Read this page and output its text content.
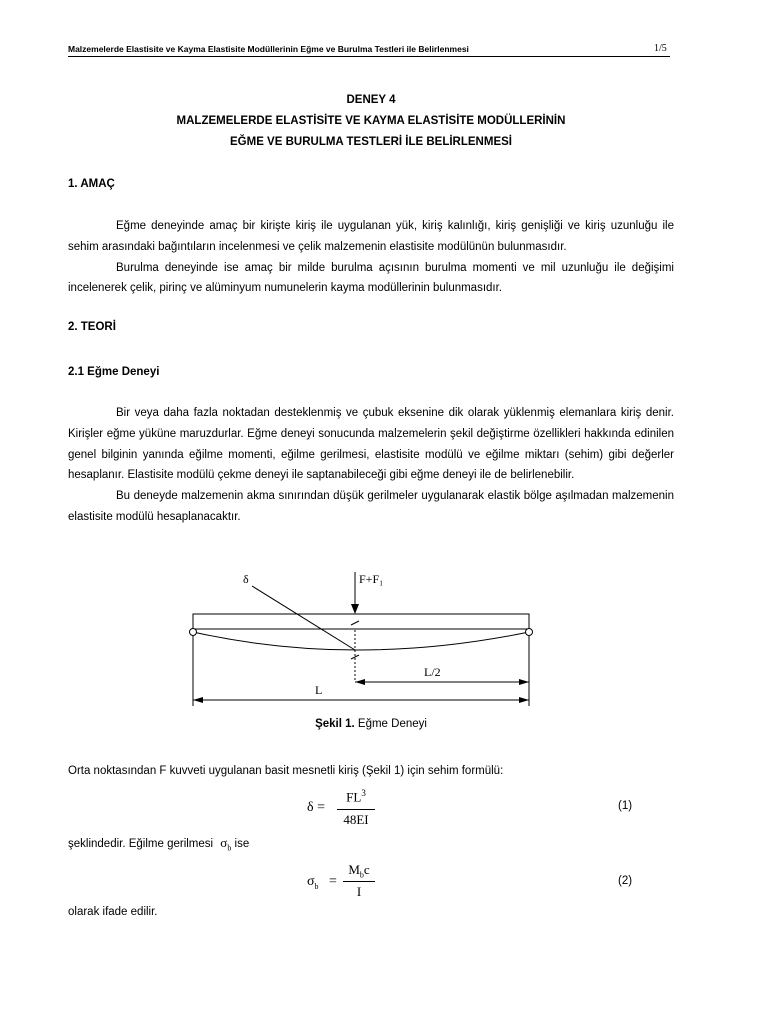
Malzemelerde Elastisite ve Kayma Elastisite Modüllerinin Eğme ve Burulma Testleri ile Belirlenmesi	1/5
DENEY 4
MALZEMELERDE ELASTİSİTE VE KAYMA ELASTİSİTE MODÜLLERİNİN
EĞME VE BURULMA TESTLERİ İLE BELİRLENMESİ
1. AMAÇ

Eğme deneyinde amaç bir kirişte kiriş ile uygulanan yük, kiriş kalınlığı, kiriş genişliği ve kiriş uzunluğu ile sehim arasındaki bağıntıların incelenmesi ve çelik malzemenin elastisite modülünün bulunmasıdır.

Burulma deneyinde ise amaç bir milde burulma açısının burulma momenti ve mil uzunluğu ile değişimi incelenerek çelik, pirinç ve alüminyum numunelerin kayma modüllerinin bulunmasıdır.

2. TEORİ
2.1 Eğme Deneyi

Bir veya daha fazla noktadan desteklenmiş ve çubuk eksenine dik olarak yüklenmiş elemanlara kiriş denir. Kirişler eğme yüküne maruzdurlar. Eğme deneyi sonucunda malzemelerin şekil değiştirme özellikleri hakkında edinilen genel bilginin yanında eğilme momenti, eğilme gerilmesi, elastisite modülü ve eğilme miktarı (sehim) gibi değerler hesaplanır. Elastisite modülü çekme deneyi ile saptanabileceği gibi eğme deneyi ile de belirlenebilir.

Bu deneyde malzemenin akma sınırından düşük gerilmeler uygulanarak elastik bölge aşılmadan malzemenin elastisite modülü hesaplanacaktır.

δ	F+F₁
L/2
L
Şekil 1. Eğme Deneyi
Orta noktasından F kuvveti uygulanan basit mesnetli kiriş (Şekil 1) için sehim formülü:
δ =
$FL^3$
48EI
(1)
şeklindedir. Eğilme gerilmesi $\sigma_b$ ise
$\sigma_b$ =
$M_bc$
I
(2)
olarak ifade edilir.
